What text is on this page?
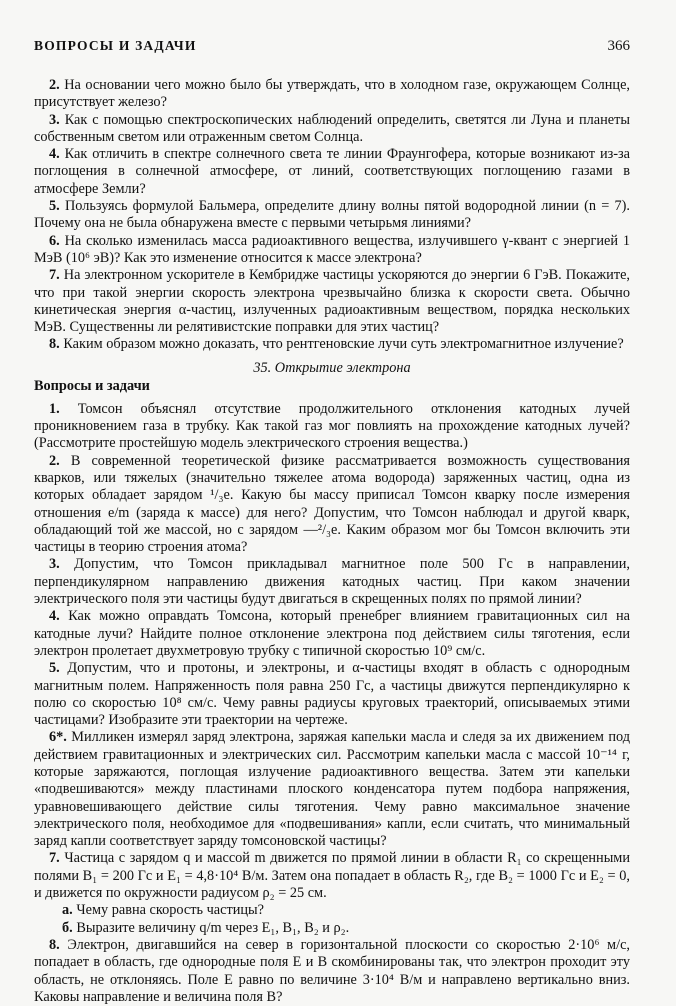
ВОПРОСЫ И ЗАДАЧИ	366

2. На основании чего можно было бы утверждать, что в холодном газе, окружающем Солнце, присутствует железо?

3. Как с помощью спектроскопических наблюдений определить, светятся ли Луна и планеты собственным светом или отраженным светом Солнца.

4. Как отличить в спектре солнечного света те линии Фраунгофера, которые возникают из-за поглощения в солнечной атмосфере, от линий, соответствующих поглощению газами в атмосфере Земли?

5. Пользуясь формулой Бальмера, определите длину волны пятой водородной линии (n = 7). Почему она не была обнаружена вместе с первыми четырьмя линиями?

6. На сколько изменилась масса радиоактивного вещества, излучившего γ-квант с энергией 1 МэВ (10⁶ эВ)? Как это изменение относится к массе электрона?

7. На электронном ускорителе в Кембридже частицы ускоряются до энергии 6 ГэВ. Покажите, что при такой энергии скорость электрона чрезвычайно близка к скорости света. Обычно кинетическая энергия α-частиц, излученных радиоактивным веществом, порядка нескольких МэВ. Существенны ли релятивистские поправки для этих частиц?

8. Каким образом можно доказать, что рентгеновские лучи суть электромагнитное излучение?

35. Открытие электрона
Вопросы и задачи

1. Томсон объяснял отсутствие продолжительного отклонения катодных лучей проникновением газа в трубку. Как такой газ мог повлиять на прохождение катодных лучей? (Рассмотрите простейшую модель электрического строения вещества.)

2. В современной теоретической физике рассматривается возможность существования кварков, или тяжелых (значительно тяжелее атома водорода) заряженных частиц, одна из которых обладает зарядом ¹/₃e. Какую бы массу приписал Томсон кварку после измерения отношения e/m (заряда к массе) для него? Допустим, что Томсон наблюдал и другой кварк, обладающий той же массой, но с зарядом —²/₃e. Каким образом мог бы Томсон включить эти частицы в теорию строения атома?

3. Допустим, что Томсон прикладывал магнитное поле 500 Гс в направлении, перпендикулярном направлению движения катодных частиц. При каком значении электрического поля эти частицы будут двигаться в скрещенных полях по прямой линии?

4. Как можно оправдать Томсона, который пренебрег влиянием гравитационных сил на катодные лучи? Найдите полное отклонение электрона под действием силы тяготения, если электрон пролетает двухметровую трубку с типичной скоростью 10⁹ см/с.

5. Допустим, что и протоны, и электроны, и α-частицы входят в область с однородным магнитным полем. Напряженность поля равна 250 Гс, а частицы движутся перпендикулярно к полю со скоростью 10⁸ см/с. Чему равны радиусы круговых траекторий, описываемых этими частицами? Изобразите эти траектории на чертеже.

6*. Милликен измерял заряд электрона, заряжая капельки масла и следя за их движением под действием гравитационных и электрических сил. Рассмотрим капельки масла с массой 10⁻¹⁴ г, которые заряжаются, поглощая излучение радиоактивного вещества. Затем эти капельки «подвешиваются» между пластинами плоского конденсатора путем подбора напряжения, уравновешивающего действие силы тяготения. Чему равно максимальное значение электрического поля, необходимое для «подвешивания» капли, если считать, что минимальный заряд капли соответствует заряду томсоновской частицы?

7. Частица с зарядом q и массой m движется по прямой линии в области R₁ со скрещенными полями B₁ = 200 Гс и E₁ = 4,8·10⁴ В/м. Затем она попадает в область R₂, где B₂ = 1000 Гс и E₂ = 0, и движется по окружности радиусом ρ₂ = 25 см.

а. Чему равна скорость частицы?

б. Выразите величину q/m через E₁, B₁, B₂ и ρ₂.

8. Электрон, двигавшийся на север в горизонтальной плоскости со скоростью 2·10⁶ м/с, попадает в область, где однородные поля E и B скомбинированы так, что электрон проходит эту область, не отклоняясь. Поле E равно по величине 3·10⁴ В/м и направлено вертикально вниз. Каковы направление и величина поля B?
